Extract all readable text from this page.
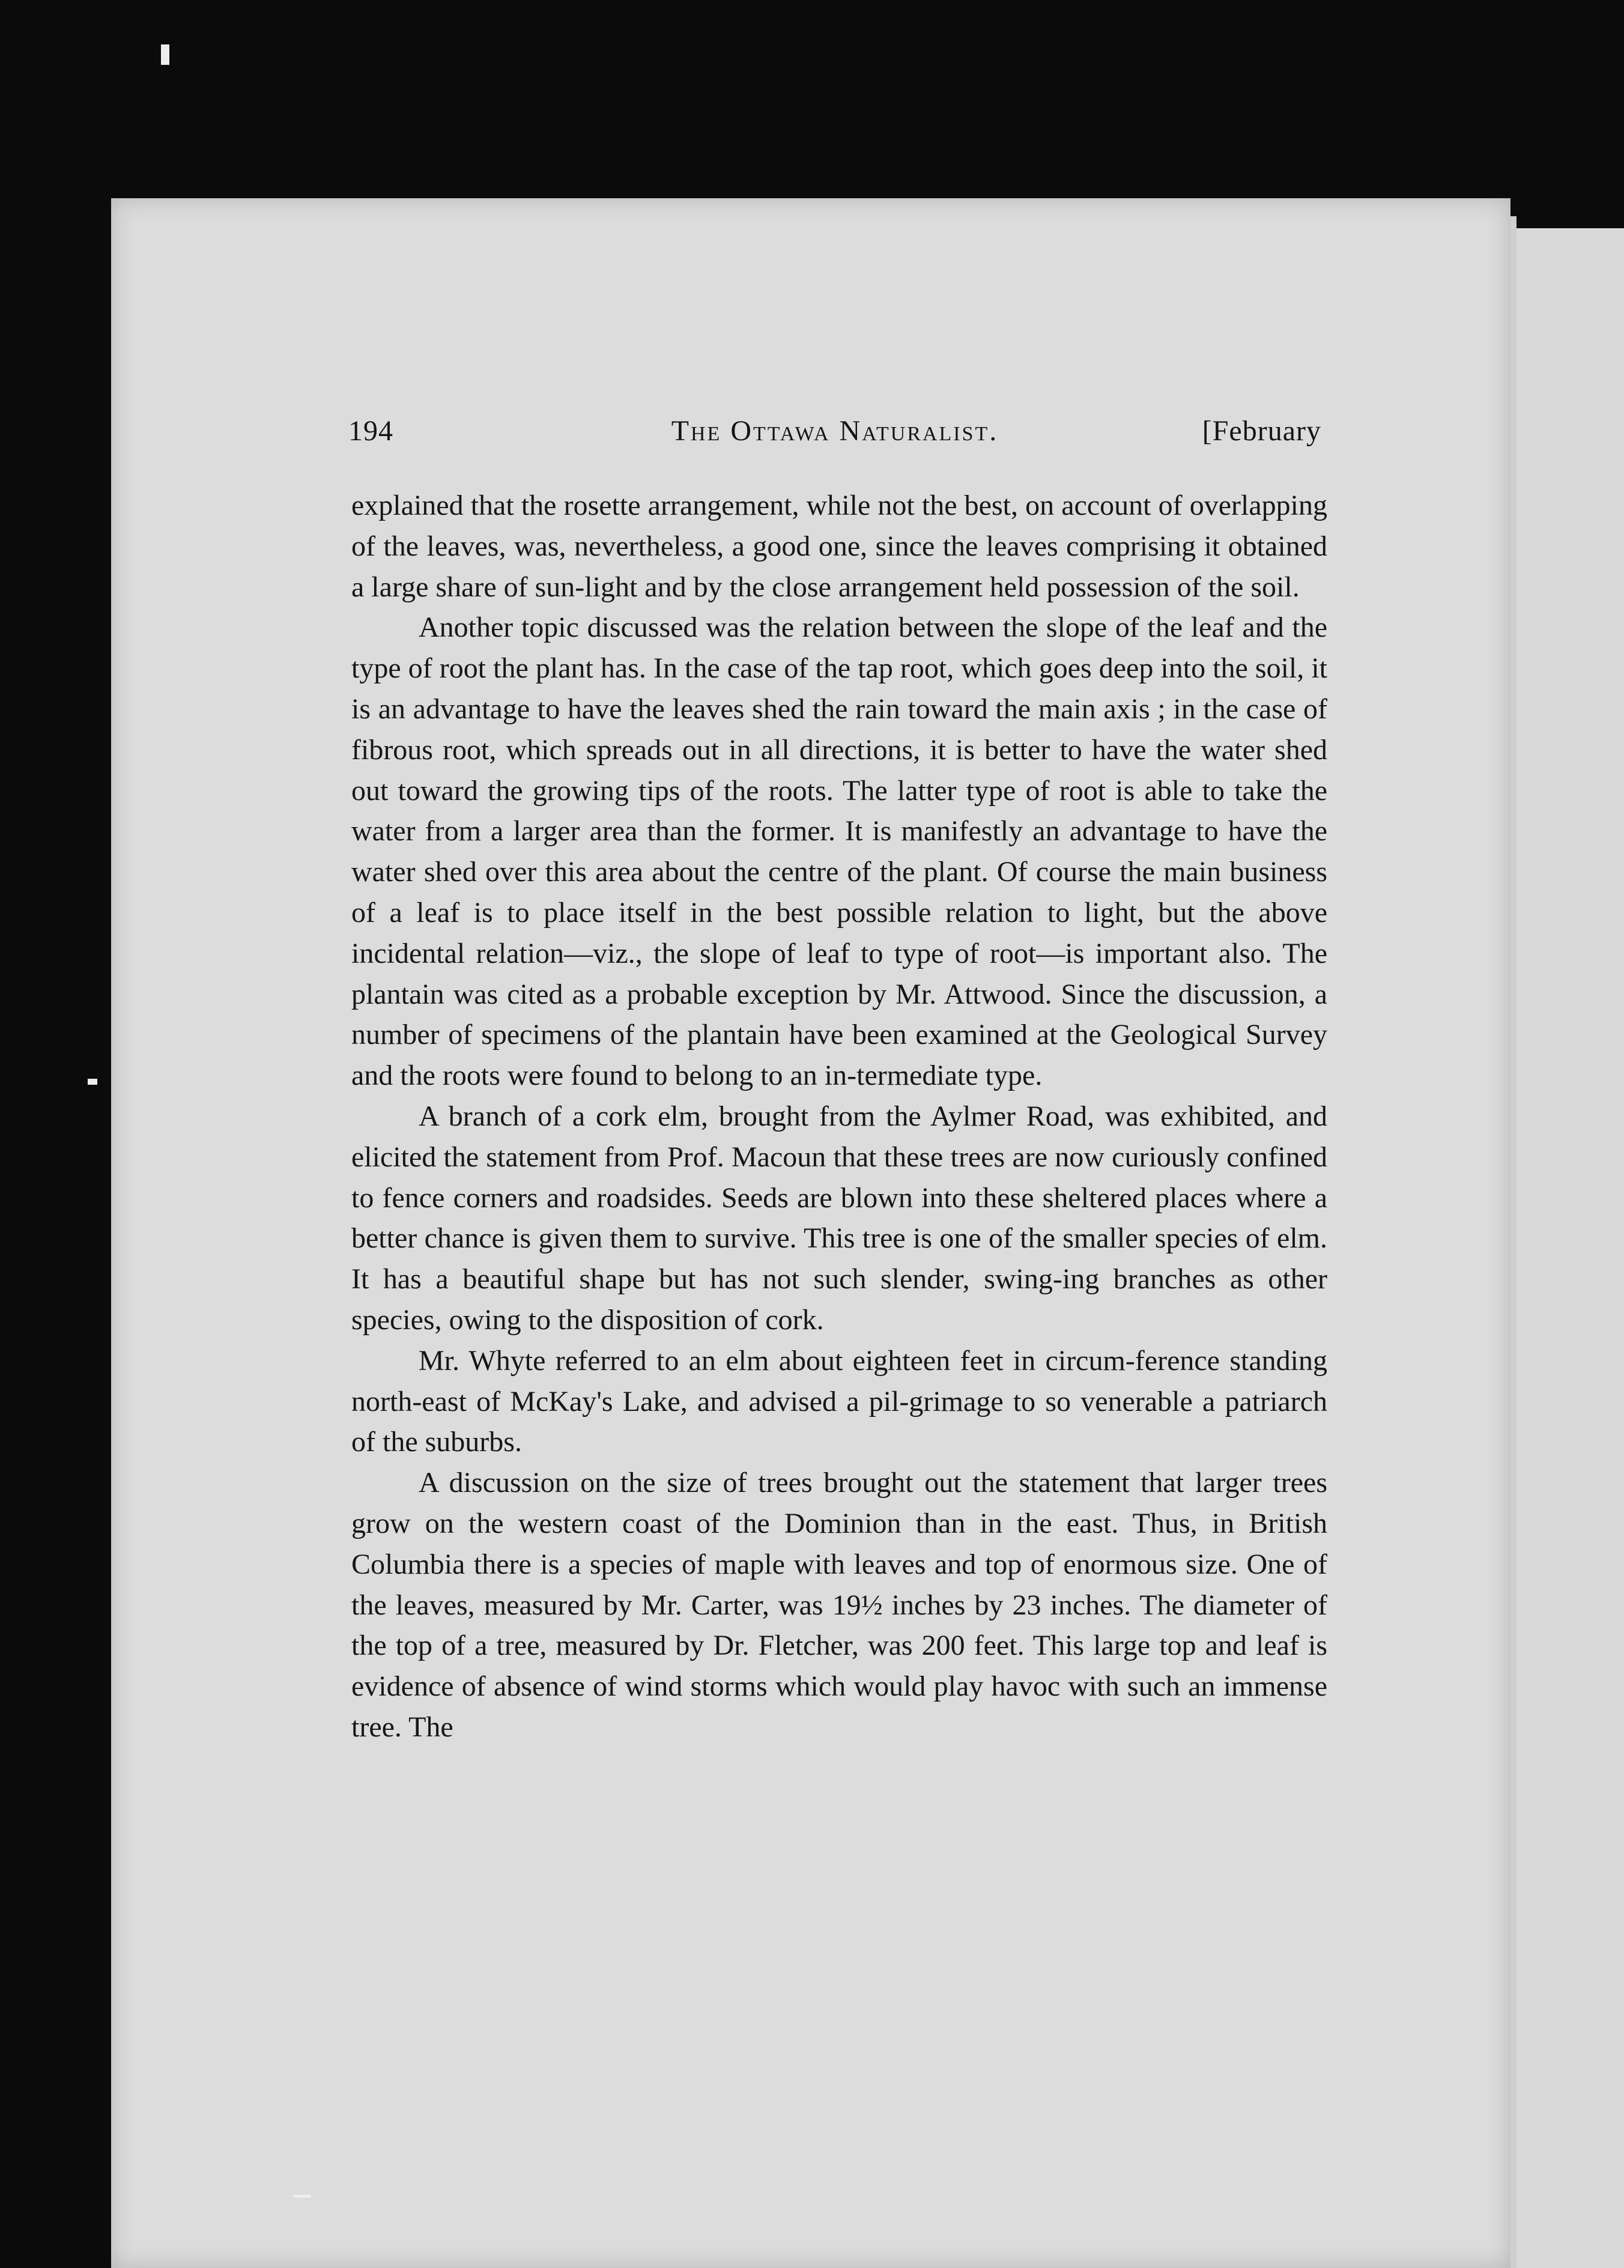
194	The Ottawa Naturalist.	[February

explained that the rosette arrangement, while not the best, on account of overlapping of the leaves, was, nevertheless, a good one, since the leaves comprising it obtained a large share of sun-light and by the close arrangement held possession of the soil.

Another topic discussed was the relation between the slope of the leaf and the type of root the plant has. In the case of the tap root, which goes deep into the soil, it is an advantage to have the leaves shed the rain toward the main axis ; in the case of fibrous root, which spreads out in all directions, it is better to have the water shed out toward the growing tips of the roots. The latter type of root is able to take the water from a larger area than the former. It is manifestly an advantage to have the water shed over this area about the centre of the plant. Of course the main business of a leaf is to place itself in the best possible relation to light, but the above incidental relation—viz., the slope of leaf to type of root—is important also. The plantain was cited as a probable exception by Mr. Attwood. Since the discussion, a number of specimens of the plantain have been examined at the Geological Survey and the roots were found to belong to an in-termediate type.

A branch of a cork elm, brought from the Aylmer Road, was exhibited, and elicited the statement from Prof. Macoun that these trees are now curiously confined to fence corners and roadsides. Seeds are blown into these sheltered places where a better chance is given them to survive. This tree is one of the smaller species of elm. It has a beautiful shape but has not such slender, swing-ing branches as other species, owing to the disposition of cork.

Mr. Whyte referred to an elm about eighteen feet in circum-ference standing north-east of McKay's Lake, and advised a pil-grimage to so venerable a patriarch of the suburbs.

A discussion on the size of trees brought out the statement that larger trees grow on the western coast of the Dominion than in the east. Thus, in British Columbia there is a species of maple with leaves and top of enormous size. One of the leaves, measured by Mr. Carter, was 19½ inches by 23 inches. The diameter of the top of a tree, measured by Dr. Fletcher, was 200 feet. This large top and leaf is evidence of absence of wind storms which would play havoc with such an immense tree. The
